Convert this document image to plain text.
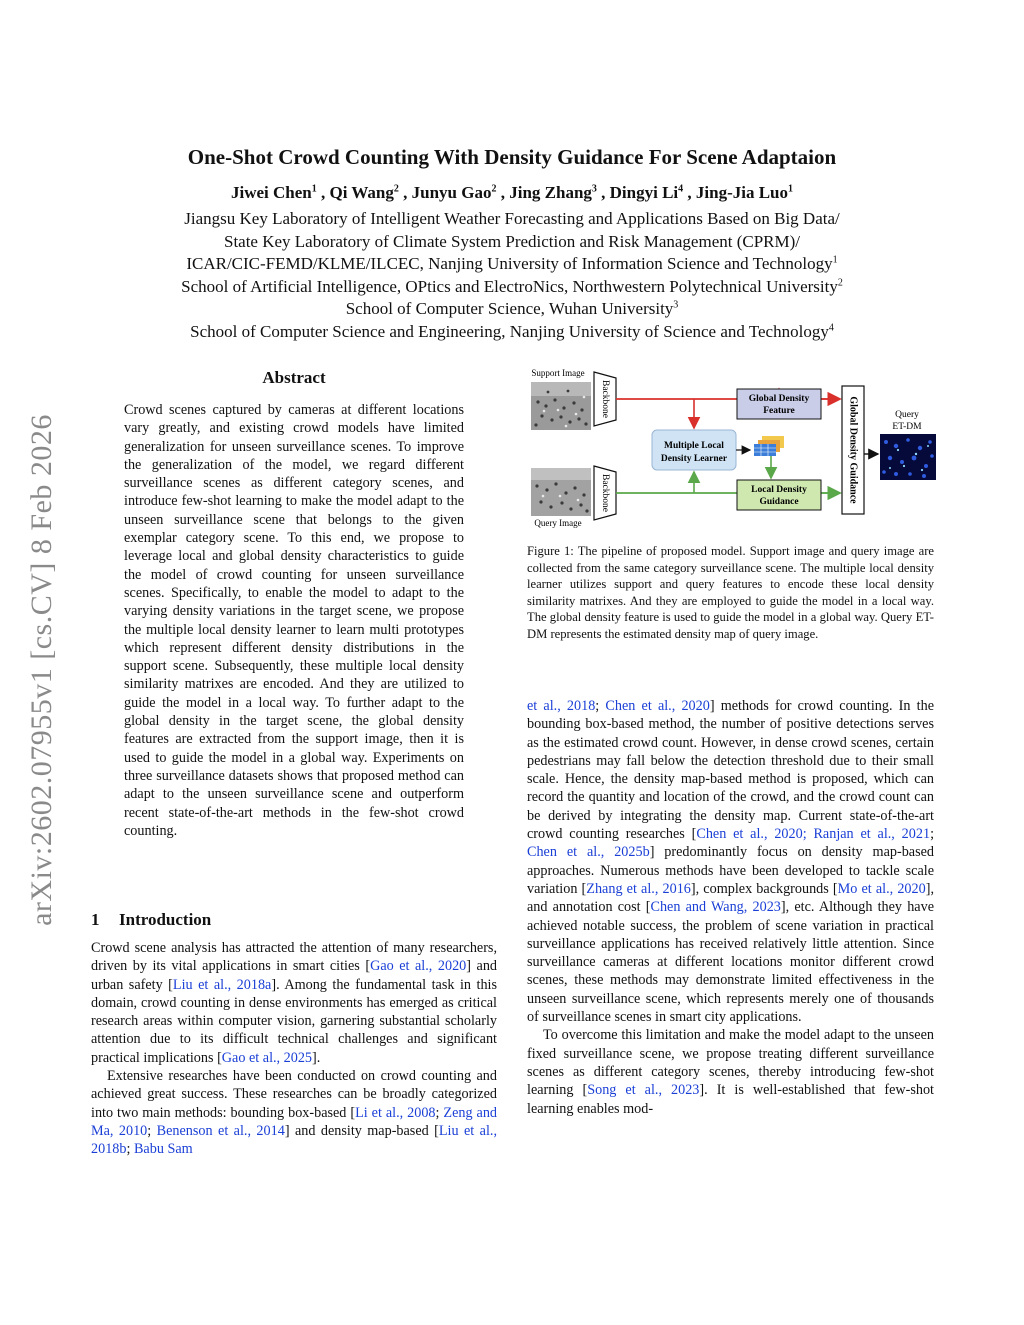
arXiv:2602.07955v1 [cs.CV] 8 Feb 2026
One-Shot Crowd Counting With Density Guidance For Scene Adaptaion
Jiwei Chen$^1$ , Qi Wang$^2$ , Junyu Gao$^2$ , Jing Zhang$^3$ , Dingyi Li$^4$ , Jing-Jia Luo$^1$
Jiangsu Key Laboratory of Intelligent Weather Forecasting and Applications Based on Big Data/
State Key Laboratory of Climate System Prediction and Risk Management (CPRM)/
ICAR/CIC-FEMD/KLME/ILCEC, Nanjing University of Information Science and Technology$^1$
School of Artificial Intelligence, OPtics and ElectroNics, Northwestern Polytechnical University$^2$
School of Computer Science, Wuhan University$^3$
School of Computer Science and Engineering, Nanjing University of Science and Technology$^4$
Abstract

Crowd scenes captured by cameras at different locations vary greatly, and existing crowd models have limited generalization for unseen surveillance scenes. To improve the generalization of the model, we regard different surveillance scenes as different category scenes, and introduce few-shot learning to make the model adapt to the unseen surveillance scene that belongs to the given exemplar category scene. To this end, we propose to leverage local and global density characteristics to guide the model of crowd counting for unseen surveillance scenes. Specifically, to enable the model to adapt to the varying density variations in the target scene, we propose the multiple local density learner to learn multi prototypes which represent different density distributions in the support scene. Subsequently, these multiple local density similarity matrixes are encoded. And they are utilized to guide the model in a local way. To further adapt to the global density in the target scene, the global density features are extracted from the support image, then it is used to guide the model in a global way. Experiments on three surveillance datasets shows that proposed method can adapt to the unseen surveillance scene and outperform recent state-of-the-art methods in the few-shot crowd counting.

1 Introduction

Crowd scene analysis has attracted the attention of many researchers, driven by its vital applications in smart cities [Gao et al., 2020] and urban safety [Liu et al., 2018a]. Among the fundamental task in this domain, crowd counting in dense environments has emerged as critical research areas within computer vision, garnering substantial scholarly attention due to its difficult technical challenges and significant practical implications [Gao et al., 2025].

Extensive researches have been conducted on crowd counting and achieved great success. These researches can be broadly categorized into two main methods: bounding box-based [Li et al., 2008; Zeng and Ma, 2010; Benenson et al., 2014] and density map-based [Liu et al., 2018b; Babu Sam

Support Image
Query Image
Backbone
Backbone
Global Density
Feature
Multiple Local
Density Learner
Local Density
Guidance	Global Density Guidance	Query
ET-DM

Figure 1: The pipeline of proposed model. Support image and query image are collected from the same category surveillance scene. The multiple local density learner utilizes support and query features to encode these local density similarity matrixes. And they are employed to guide the model in a local way. The global density feature is used to guide the model in a global way. Query ET-DM represents the estimated density map of query image.

et al., 2018; Chen et al., 2020] methods for crowd counting. In the bounding box-based method, the number of positive detections serves as the estimated crowd count. However, in dense crowd scenes, certain pedestrians may fall below the detection threshold due to their small scale. Hence, the density map-based method is proposed, which can record the quantity and location of the crowd, and the crowd count can be derived by integrating the density map. Current state-of-the-art crowd counting researches [Chen et al., 2020; Ranjan et al., 2021; Chen et al., 2025b] predominantly focus on density map-based approaches. Numerous methods have been developed to tackle scale variation [Zhang et al., 2016], complex backgrounds [Mo et al., 2020], and annotation cost [Chen and Wang, 2023], etc. Although they have achieved notable success, the problem of scene variation in practical surveillance applications has received relatively little attention. Since surveillance cameras at different locations monitor different crowd scenes, these methods may demonstrate limited effectiveness in the unseen surveillance scene, which represents merely one of thousands of surveillance scenes in smart city applications.

To overcome this limitation and make the model adapt to the unseen fixed surveillance scene, we propose treating different surveillance scenes as different category scenes, thereby introducing few-shot learning [Song et al., 2023]. It is well-established that few-shot learning enables mod-
